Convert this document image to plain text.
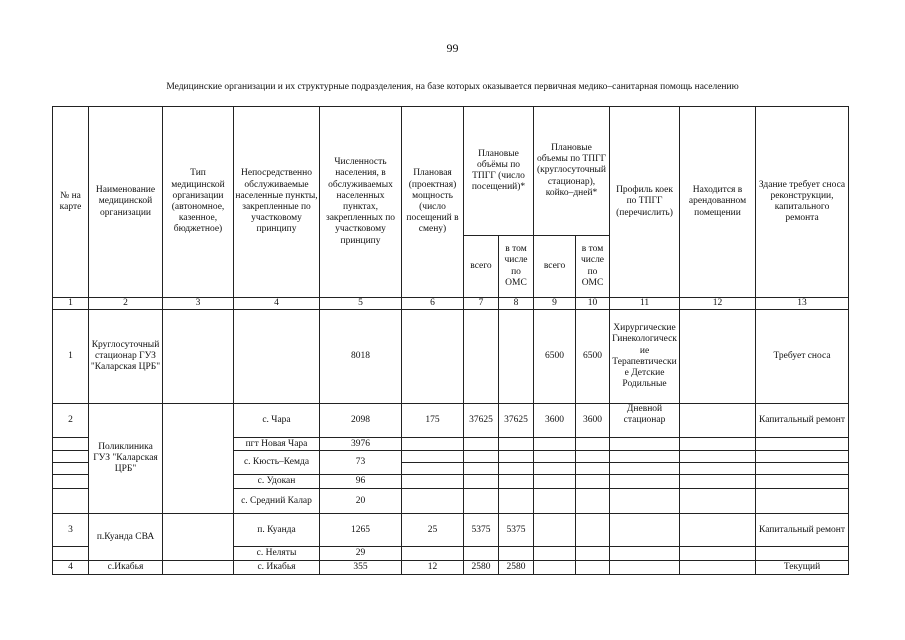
99
Медицинские организации и их структурные подразделения, на базе которых оказывается первичная медико–санитарная помощь населению
№ на карте	Наименование медицинской организации	Тип медицинской организации (автономное, казенное, бюджетное)	Непосредственно обслуживаемые населенные пункты, закрепленные по участковому принципу	Численность населения, в обслуживаемых населенных пунктах, закрепленных по участковому принципу	Плановая (проектная) мощность (число посещений в смену)	Плановые объёмы по ТПГГ (число посещений)*		Плановые объемы по ТПГГ (круглосуточный стационар), койко–дней*		Профиль коек по ТПГГ (перечислить)	Находится в арендованном помещении	Здание требует сноса реконструкции, капитального ремонта
						всего	в том числе по ОМС	всего	в том числе по ОМС			
1	2	3	4	5	6	7	8	9	10	11	12	13
1	Круглосуточный стационар ГУЗ "Каларская ЦРБ"			8018				6500	6500	Хирургические Гинекологические Терапевтические Детские Родильные		Требует сноса
2	Поликлиника ГУЗ "Каларская ЦРБ"		с. Чара	2098	175	37625	37625	3600	3600	Дневной стационар		Капитальный ремонт
			пгт Новая Чара	3976								
			с. Кюсть–Кемда	73								

			с. Удокан	96								
			с. Средний Калар	20								
3	п.Куанда СВА		п. Куанда	1265	25	5375	5375					Капитальный ремонт
			с. Неляты	29								
4	с.Икабья		с. Икабья	355	12	2580	2580					Текущий
